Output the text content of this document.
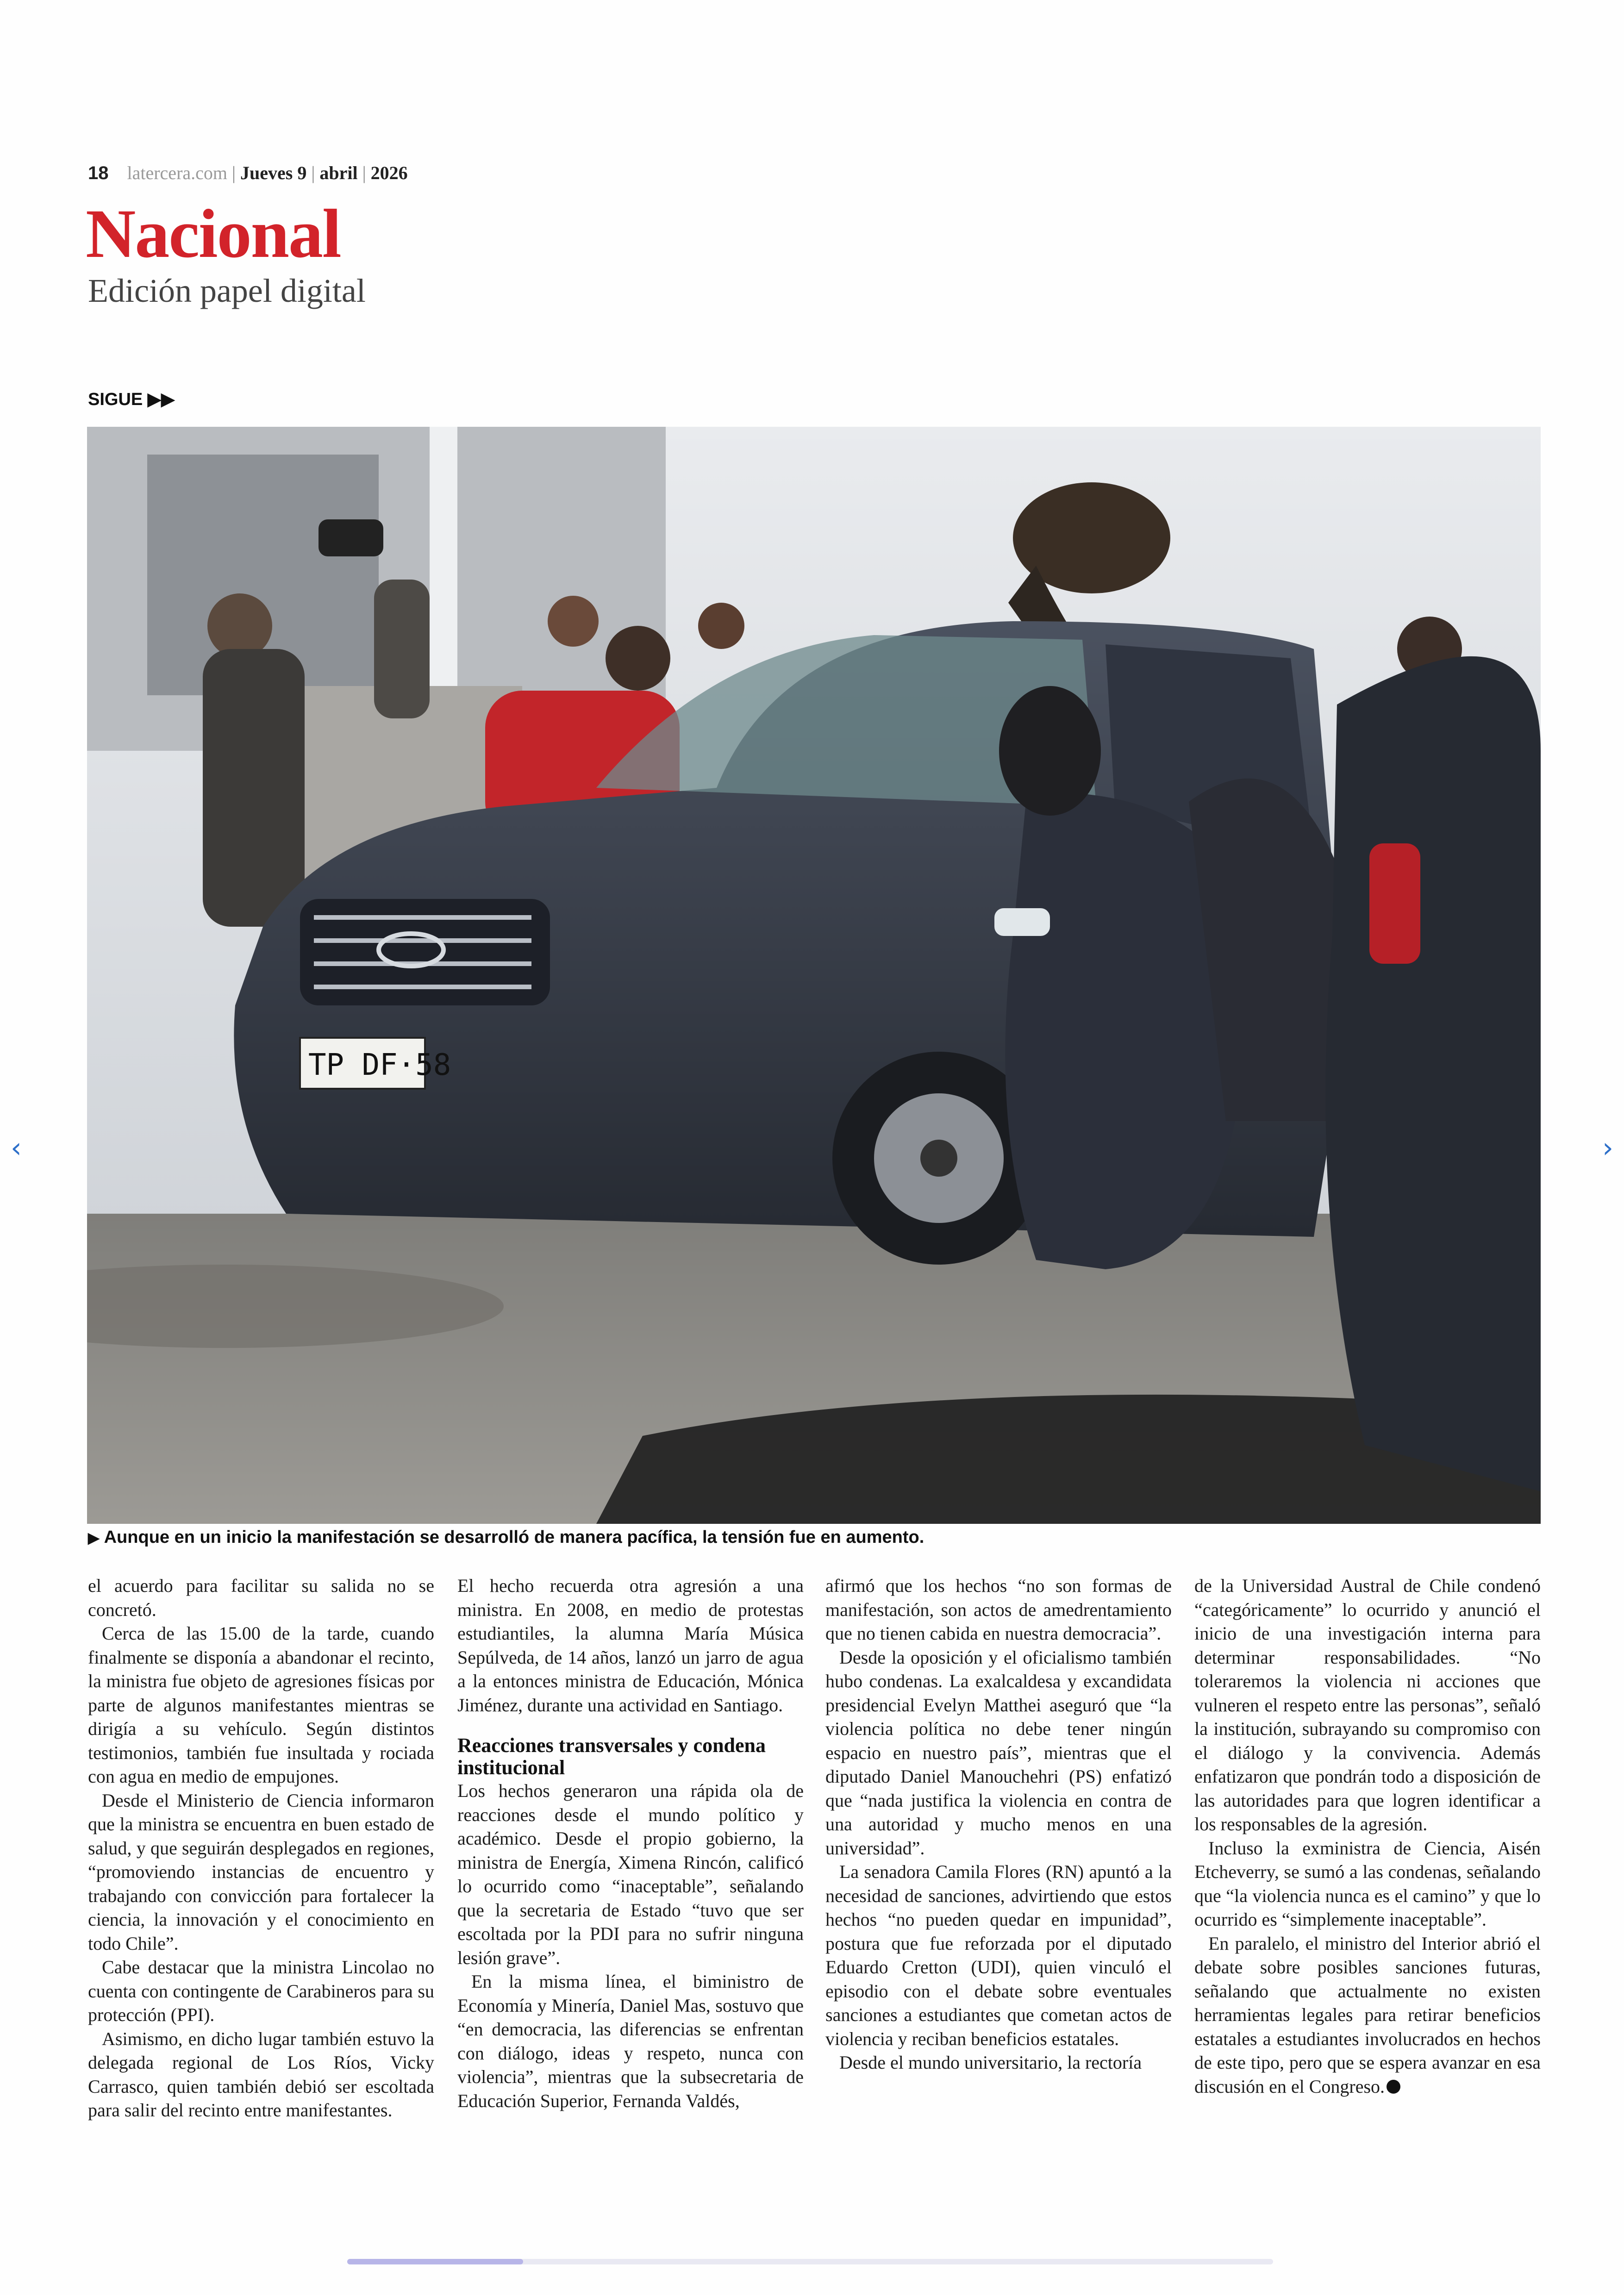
18 latercera.com | Jueves 9 | abril | 2026
Nacional
Edición papel digital
SIGUE ▶▶
TP DF·58
▶ Aunque en un inicio la manifestación se desarrolló de manera pacífica, la tensión fue en aumento.

el acuerdo para facilitar su salida no se concretó.

Cerca de las 15.00 de la tarde, cuando finalmente se disponía a abandonar el recinto, la ministra fue objeto de agresiones físicas por parte de algunos manifestantes mientras se dirigía a su vehículo. Según distintos testimonios, también fue insultada y rociada con agua en medio de empujones.

Desde el Ministerio de Ciencia informaron que la ministra se encuentra en buen estado de salud, y que seguirán desplegados en regiones, “promoviendo instancias de encuentro y trabajando con convicción para fortalecer la ciencia, la innovación y el conocimiento en todo Chile”.

Cabe destacar que la ministra Lincolao no cuenta con contingente de Carabineros para su protección (PPI).

Asimismo, en dicho lugar también estuvo la delegada regional de Los Ríos, Vicky Carrasco, quien también debió ser escoltada para salir del recinto entre manifestantes.

El hecho recuerda otra agresión a una ministra. En 2008, en medio de protestas estudiantiles, la alumna María Música Sepúlveda, de 14 años, lanzó un jarro de agua a la entonces ministra de Educación, Mónica Jiménez, durante una actividad en Santiago.

Reacciones transversales y condena institucional

Los hechos generaron una rápida ola de reacciones desde el mundo político y académico. Desde el propio gobierno, la ministra de Energía, Ximena Rincón, calificó lo ocurrido como “inaceptable”, señalando que la secretaria de Estado “tuvo que ser escoltada por la PDI para no sufrir ninguna lesión grave”.

En la misma línea, el biministro de Economía y Minería, Daniel Mas, sostuvo que “en democracia, las diferencias se enfrentan con diálogo, ideas y respeto, nunca con violencia”, mientras que la subsecretaria de Educación Superior, Fernanda Valdés,

afirmó que los hechos “no son formas de manifestación, son actos de amedrentamiento que no tienen cabida en nuestra democracia”.

Desde la oposición y el oficialismo también hubo condenas. La exalcaldesa y excandidata presidencial Evelyn Matthei aseguró que “la violencia política no debe tener ningún espacio en nuestro país”, mientras que el diputado Daniel Manouchehri (PS) enfatizó que “nada justifica la violencia en contra de una autoridad y mucho menos en una universidad”.

La senadora Camila Flores (RN) apuntó a la necesidad de sanciones, advirtiendo que estos hechos “no pueden quedar en impunidad”, postura que fue reforzada por el diputado Eduardo Cretton (UDI), quien vinculó el episodio con el debate sobre eventuales sanciones a estudiantes que cometan actos de violencia y reciban beneficios estatales.

Desde el mundo universitario, la rectoría

de la Universidad Austral de Chile condenó “categóricamente” lo ocurrido y anunció el inicio de una investigación interna para determinar responsabilidades. “No toleraremos la violencia ni acciones que vulneren el respeto entre las personas”, señaló la institución, subrayando su compromiso con el diálogo y la convivencia. Además enfatizaron que pondrán todo a disposición de las autoridades para que logren identificar a los responsables de la agresión.

Incluso la exministra de Ciencia, Aisén Etcheverry, se sumó a las condenas, señalando que “la violencia nunca es el camino” y que lo ocurrido es “simplemente inaceptable”.

En paralelo, el ministro del Interior abrió el debate sobre posibles sanciones futuras, señalando que actualmente no existen herramientas legales para retirar beneficios estatales a estudiantes involucrados en hechos de este tipo, pero que se espera avanzar en esa discusión en el Congreso.

‹	›
